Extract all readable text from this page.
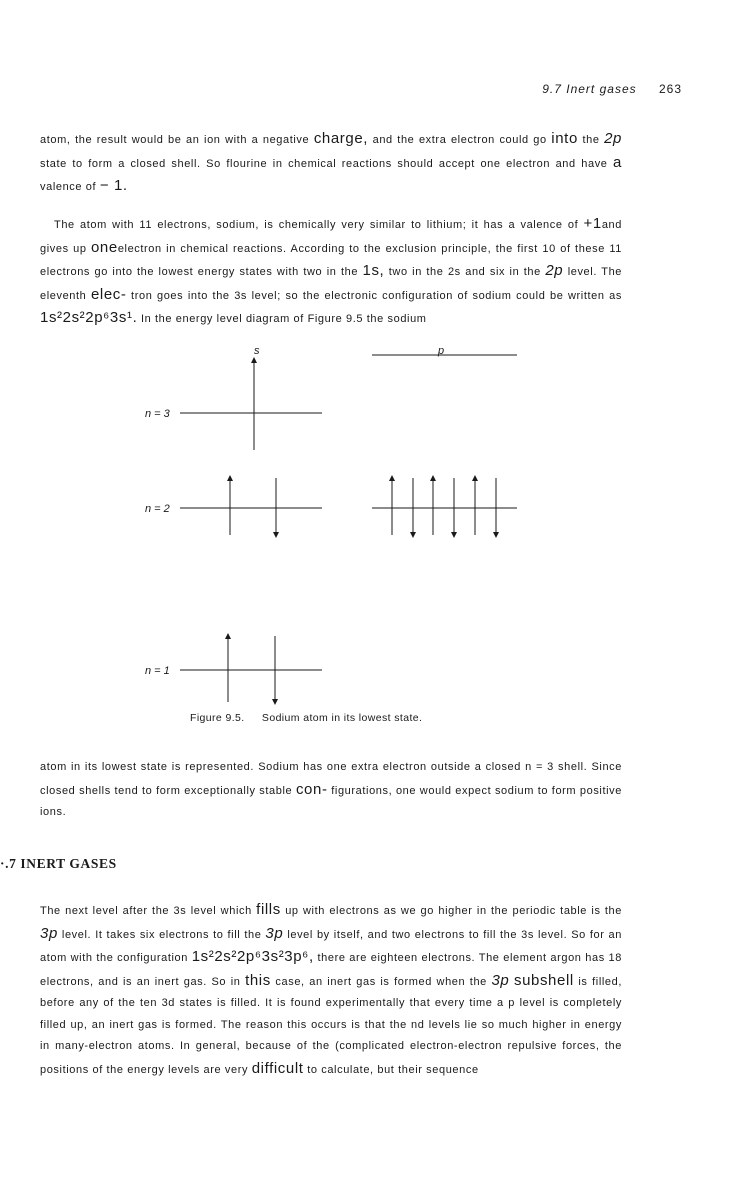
9.7 Inert gases 263

atom, the result would be an ion with a negative charge, and the extra electron could go into the 2p state to form a closed shell. So flourine in chemical reactions should accept one electron and have a valence of − 1.

The atom with 11 electrons, sodium, is chemically very similar to lithium; it has a valence of +1and gives up oneelectron in chemical reactions. According to the exclusion principle, the first 10 of these 11 electrons go into the lowest energy states with two in the 1s, two in the 2s and six in the 2p level. The eleventh elec- tron goes into the 3s level; so the electronic configuration of sodium could be written as 1s²2s²2p⁶3s¹. In the energy level diagram of Figure 9.5 the sodium

s	p
n = 3
n = 2
n = 1
Figure 9.5. Sodium atom in its lowest state.

atom in its lowest state is represented. Sodium has one extra electron outside a closed n = 3 shell. Since closed shells tend to form exceptionally stable con- figurations, one would expect sodium to form positive ions.

·.7 INERT GASES

The next level after the 3s level which fills up with electrons as we go higher in the periodic table is the 3p level. It takes six electrons to fill the 3p level by itself, and two electrons to fill the 3s level. So for an atom with the configuration 1s²2s²2p⁶3s²3p⁶, there are eighteen electrons. The element argon has 18 electrons, and is an inert gas. So in this case, an inert gas is formed when the 3p subshell is filled, before any of the ten 3d states is filled. It is found experimentally that every time a p level is completely filled up, an inert gas is formed. The reason this occurs is that the nd levels lie so much higher in energy in many-electron atoms. In general, because of the (complicated electron-electron repulsive forces, the positions of the energy levels are very difficult to calculate, but their sequence
